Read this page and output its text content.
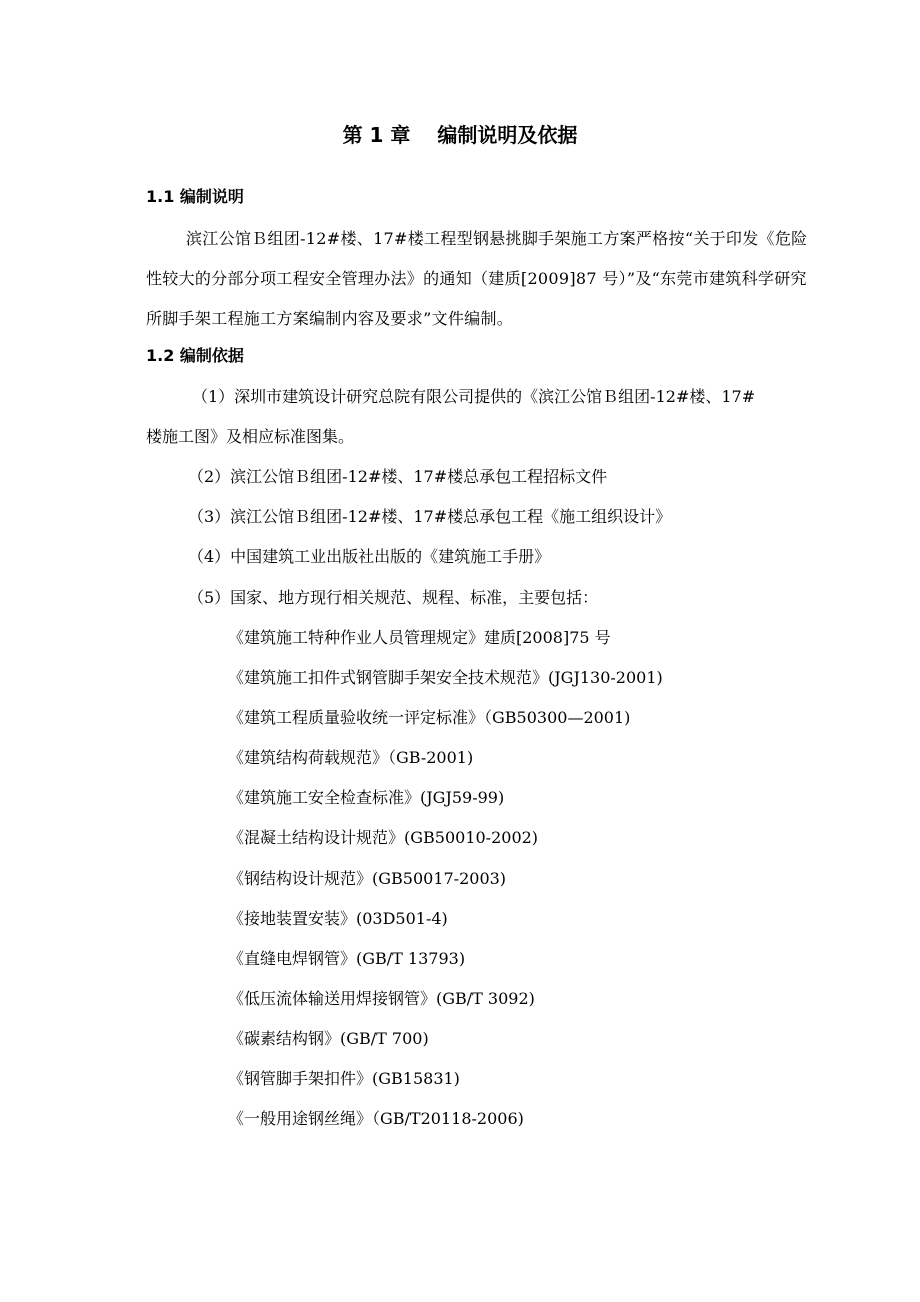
第 1 章　 编制说明及依据
1.1 编制说明

滨江公馆Ｂ组团-12#楼、17#楼工程型钢悬挑脚手架施工方案严格按“关于印发《危险性较大的分部分项工程安全管理办法》的通知（建质[2009]87 号）”及“东莞市建筑科学研究所脚手架工程施工方案编制内容及要求”文件编制。

1.2 编制依据

（1）深圳市建筑设计研究总院有限公司提供的《滨江公馆Ｂ组团-12#楼、17#

楼施工图》及相应标准图集。

（2）滨江公馆Ｂ组团-12#楼、17#楼总承包工程招标文件

（3）滨江公馆Ｂ组团-12#楼、17#楼总承包工程《施工组织设计》

（4）中国建筑工业出版社出版的《建筑施工手册》

（5）国家、地方现行相关规范、规程、标准，主要包括：

《建筑施工特种作业人员管理规定》建质[2008]75 号

《建筑施工扣件式钢管脚手架安全技术规范》(JGJ130-2001)

《建筑工程质量验收统一评定标准》（GB50300—2001)

《建筑结构荷载规范》（GB-2001)

《建筑施工安全检查标准》(JGJ59-99)

《混凝土结构设计规范》(GB50010-2002)

《钢结构设计规范》(GB50017-2003)

《接地装置安装》(03D501-4)

《直缝电焊钢管》(GB/T 13793)

《低压流体输送用焊接钢管》(GB/T 3092)

《碳素结构钢》(GB/T 700)

《钢管脚手架扣件》(GB15831)

《一般用途钢丝绳》（GB/T20118-2006)
